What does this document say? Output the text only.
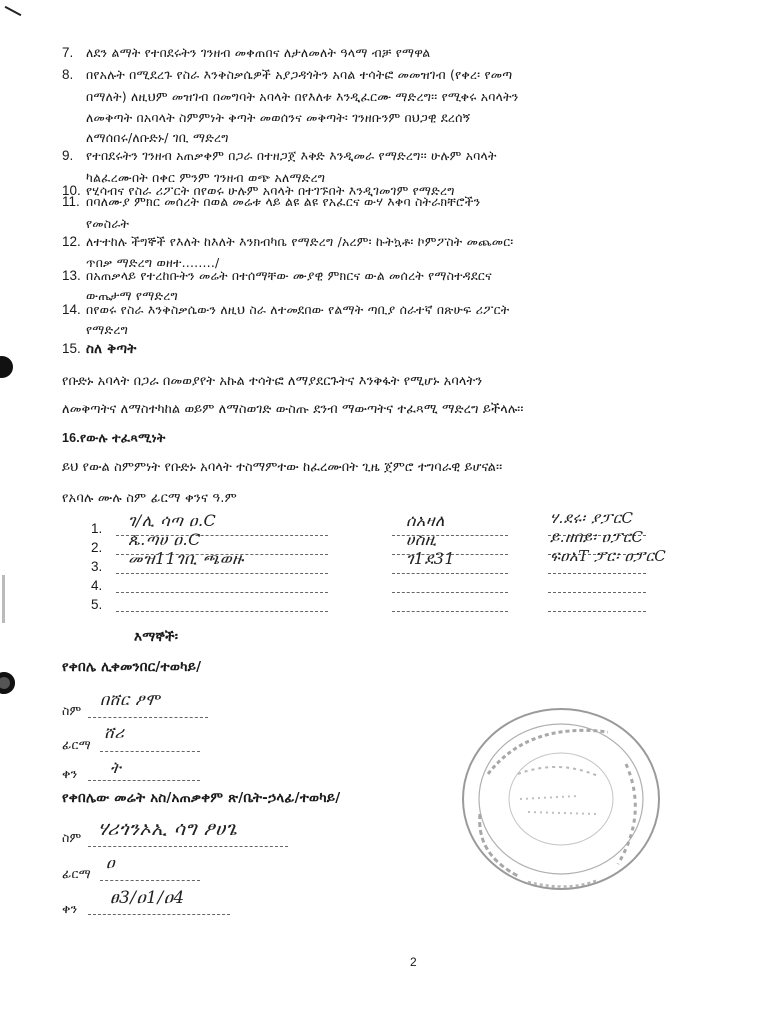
7. ለደን ልማት የተበደሩትን ገንዘብ መቀጠበና ለታለመለት ዓላማ ብቻ የማዋል
8. በየአሉት በሚደረጉ የስራ እንቅስቃሴዎች አያጋዳጎትን አባል ተሳትፎ መመዝገብ (የቀረ፡ የመጣ
በማለት) ለዚህም መዝገብ በመግባት አባላት በየእለቱ እንዲፈርሙ ማድረግ፡፡ የሚቀሩ አባላትን
ለመቅጣት በአባላት ስምምነት ቅጣት መወሰንና መቅጣት፡ ገንዘቡንም በህጋዊ ደረሰኝ
ለማሰበሩ/ለቡድኑ/ ገቢ ማድረግ
9. የተበደሩትን ገንዘብ አጠቃቀም በጋራ በተዘጋጀ እቅድ እንዲመራ የማድረግ፡፡ ሁሉም አባላት
ካልፈረሙበት በቀር ምንም ገንዘብ ወጭ አለማድረግ
10. የሂሳብና የስራ ሪፖርት በየወሩ ሁሉም አባላት በተገኙበት እንዲገመገም የማድረግ
11. በባለሙያ ምክር መሰረት በወል መሬቱ ላይ ልዩ ልዩ የአፈርና ውሃ እቀባ ስትራክቸሮችን
የመስራት
12. ለተተከሉ ችግኞች የእለት ከእለት እንክብካቤ የማድረግ /አረም፡ ኩትኳቶ፡ ኮምፖስት መጨመር፡
ጥበቃ ማድረግ ወዘተ......../
13. በአጠቃላይ የተረከቡትን መሬት በተሰማቸው ሙያዊ ምክርና ውል መሰረት የማስተዳደርና
ውጤታማ የማድረግ
14. በየወሩ የስራ እንቅስቃሴውን ለዚህ ስራ ለተመደበው የልማት ጣቢያ ሰራተኛ በጽሁፍ ሪፖርት
የማድረግ
15. ስለ ቅጣት
የቡድኑ አባላት በጋራ በመወያየት አኩል ተሳትፎ ለማያደርጉትና እንቅፋት የሚሆኑ አባላትን
ለመቅጣትና ለማስተካከል ወይም ለማስወገድ ውስጡ ደንብ ማውጣትና ተፈጻሚ ማድረግ ይችላሉ፡፡
16.የውሉ ተፈጻሚነት
ይህ የውል ስምምነት የቡድኑ አባላት ተስማምተው ከፈረሙበት ጊዜ ጀምሮ ተግባራዊ ይሆናል፡፡
የአባሉ ሙሉ ስም ፊርማ ቀንና ዓ.ም
1. ገ/ሊ ሳጣ ዐ.C	ሰአዛለ	ሃ.ደሩ፡ ያፓርC
2. ጴ.ጣሀ ዐ.C	ሀስዚ	ይ.ዘበይ፡ ዐፓርC
3. መዝ11ገቢ ጫወዙ	ገ1ደ31	ፍዐአT ፓር፡ ዐፓርC
4.
5.
እማኞች፡
የቀበሌ ሊቀመንበር/ተወካይ/
ስም
በሸር ፆሞ
ፊርማ
ሸሪ
ቀን ት
የቀበሌው መሬት አስ/አጠቃቀም ጽ/ቤት-ኃላፊ/ተወካይ/
ስም ሃሪጎንኦኢ ሳግ ፆሀጌ
ፊርማ
ዐ
ቀን
ፀ3/ዐ1/ዐ4
2
